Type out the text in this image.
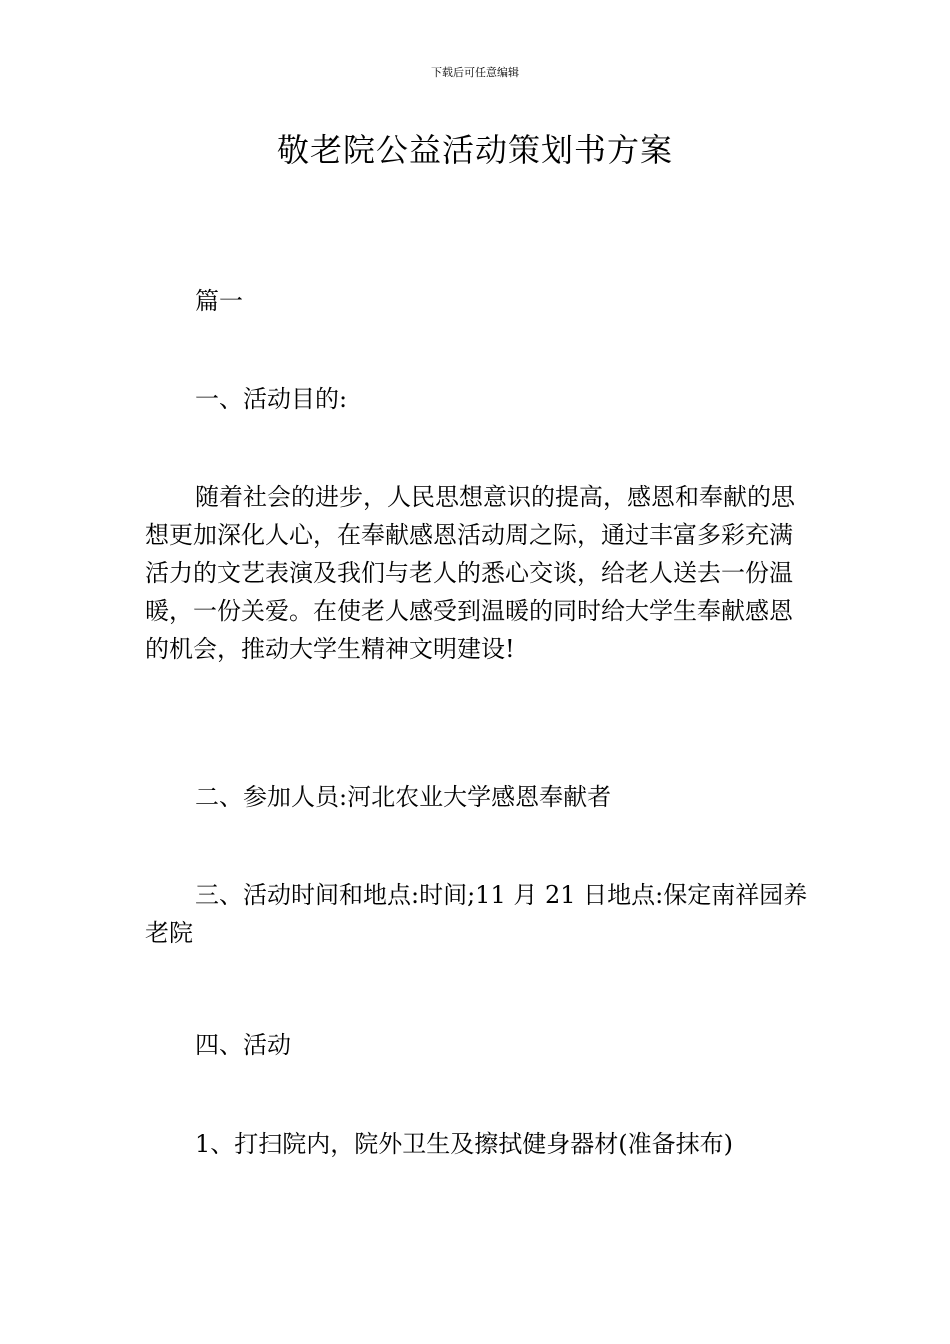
下载后可任意编辑
敬老院公益活动策划书方案

篇一

一、活动目的:

随着社会的进步，人民思想意识的提高，感恩和奉献的思想更加深化人心，在奉献感恩活动周之际，通过丰富多彩充满活力的文艺表演及我们与老人的悉心交谈，给老人送去一份温暖，一份关爱。在使老人感受到温暖的同时给大学生奉献感恩的机会，推动大学生精神文明建设!

二、参加人员:河北农业大学感恩奉献者

三、活动时间和地点:时间;11 月 21 日地点:保定南祥园养老院

四、活动

1、打扫院内，院外卫生及擦拭健身器材(准备抹布)
